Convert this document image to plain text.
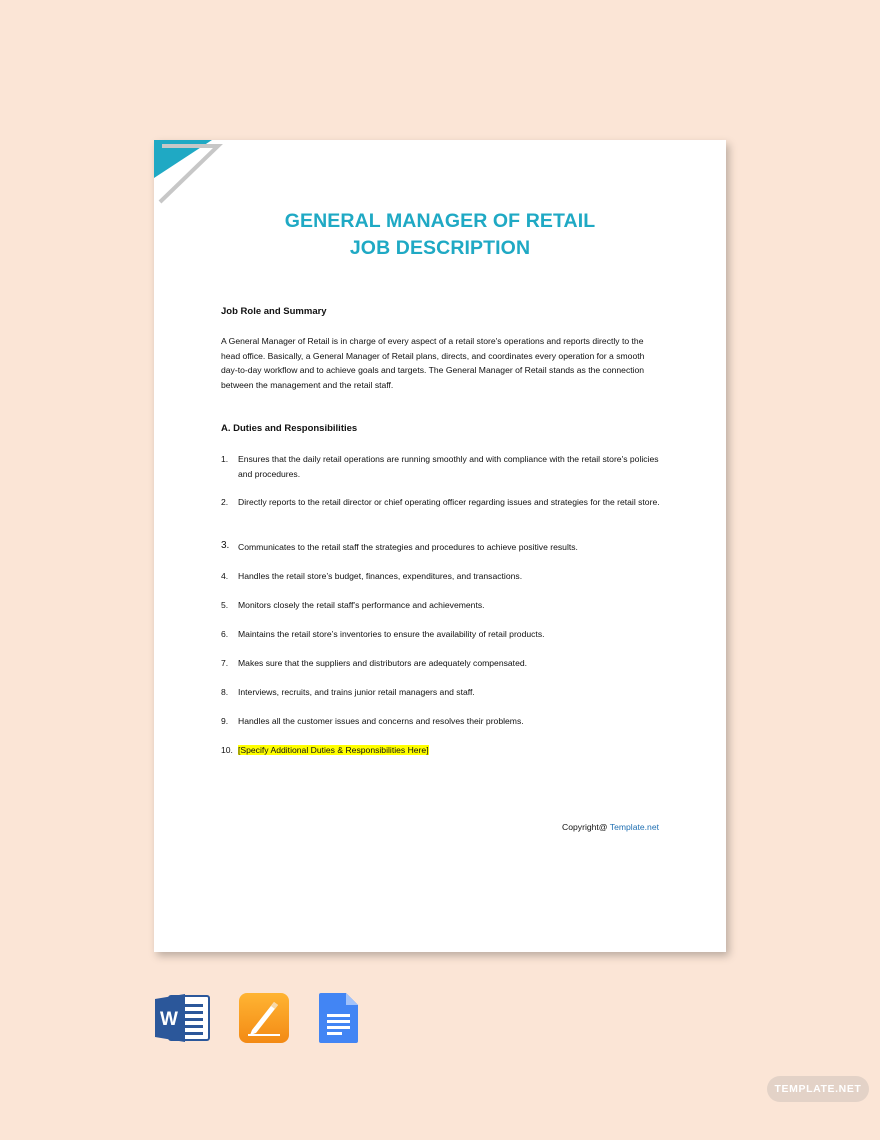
GENERAL MANAGER OF RETAIL
JOB DESCRIPTION
Job Role and Summary
A General Manager of Retail is in charge of every aspect of a retail store's operations and reports directly to the head office. Basically, a General Manager of Retail plans, directs, and coordinates every operation for a smooth day-to-day workflow and to achieve goals and targets. The General Manager of Retail stands as the connection between the management and the retail staff.
A. Duties and Responsibilities
1. Ensures that the daily retail operations are running smoothly and with compliance with the retail store's policies and procedures.
2. Directly reports to the retail director or chief operating officer regarding issues and strategies for the retail store.
3. Communicates to the retail staff the strategies and procedures to achieve positive results.
4. Handles the retail store’s budget, finances, expenditures, and transactions.
5. Monitors closely the retail staff's performance and achievements.
6. Maintains the retail store’s inventories to ensure the availability of retail products.
7. Makes sure that the suppliers and distributors are adequately compensated.
8. Interviews, recruits, and trains junior retail managers and staff.
9. Handles all the customer issues and concerns and resolves their problems.
10. [Specify Additional Duties & Responsibilities Here]
Copyright@ Template.net
W
TEMPLATE.NET
